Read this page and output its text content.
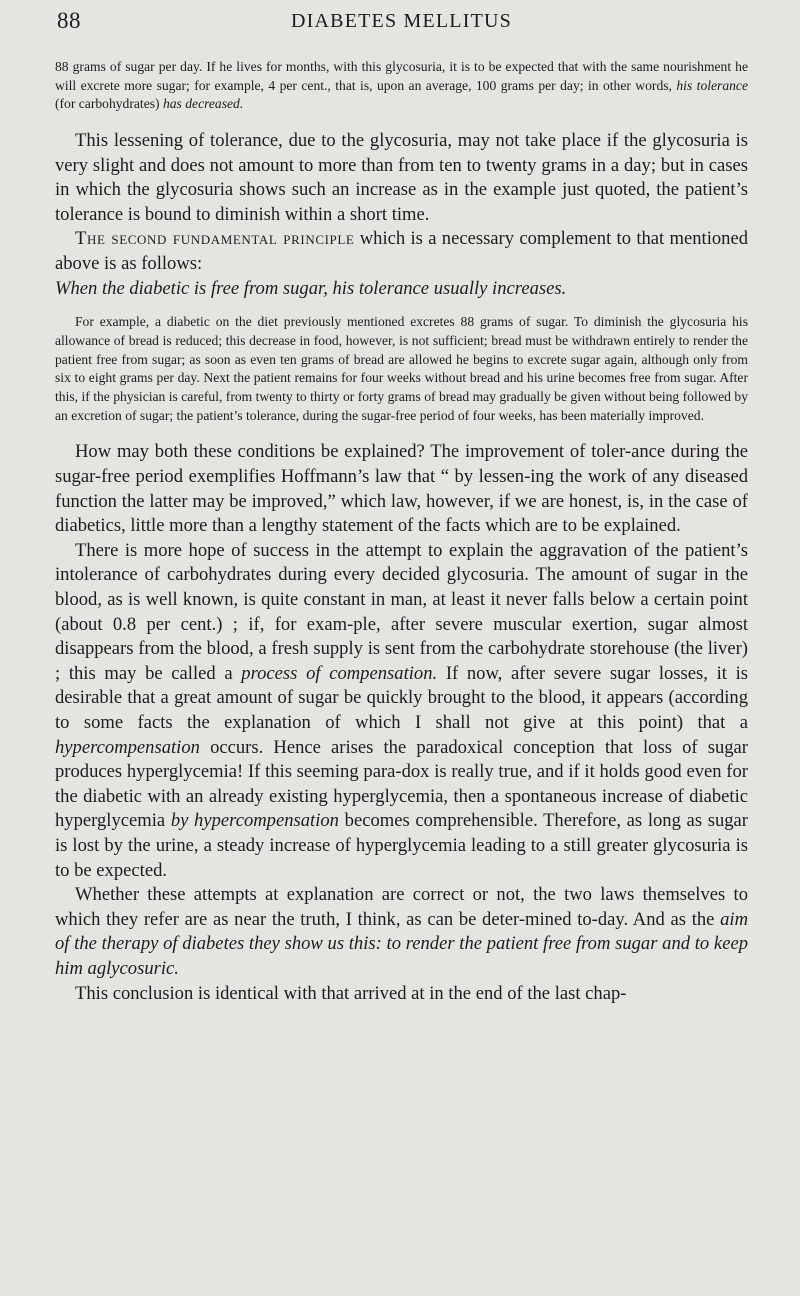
88	DIABETES MELLITUS

88 grams of sugar per day. If he lives for months, with this glycosuria, it is to be expected that with the same nourishment he will excrete more sugar; for example, 4 per cent., that is, upon an average, 100 grams per day; in other words, his tolerance (for carbohydrates) has decreased.

This lessening of tolerance, due to the glycosuria, may not take place if the glycosuria is very slight and does not amount to more than from ten to twenty grams in a day; but in cases in which the glycosuria shows such an increase as in the example just quoted, the patient’s tolerance is bound to diminish within a short time.

The second fundamental principle which is a necessary complement to that mentioned above is as follows:

When the diabetic is free from sugar, his tolerance usually increases.

For example, a diabetic on the diet previously mentioned excretes 88 grams of sugar. To diminish the glycosuria his allowance of bread is reduced; this decrease in food, however, is not sufficient; bread must be withdrawn entirely to render the patient free from sugar; as soon as even ten grams of bread are allowed he begins to excrete sugar again, although only from six to eight grams per day. Next the patient remains for four weeks without bread and his urine becomes free from sugar. After this, if the physician is careful, from twenty to thirty or forty grams of bread may gradually be given without being followed by an excretion of sugar; the patient’s tolerance, during the sugar-free period of four weeks, has been materially improved.

How may both these conditions be explained? The improvement of toler-ance during the sugar-free period exemplifies Hoffmann’s law that “ by lessen-ing the work of any diseased function the latter may be improved,” which law, however, if we are honest, is, in the case of diabetics, little more than a lengthy statement of the facts which are to be explained.

There is more hope of success in the attempt to explain the aggravation of the patient’s intolerance of carbohydrates during every decided glycosuria. The amount of sugar in the blood, as is well known, is quite constant in man, at least it never falls below a certain point (about 0.8 per cent.) ; if, for exam-ple, after severe muscular exertion, sugar almost disappears from the blood, a fresh supply is sent from the carbohydrate storehouse (the liver) ; this may be called a process of compensation. If now, after severe sugar losses, it is desirable that a great amount of sugar be quickly brought to the blood, it appears (according to some facts the explanation of which I shall not give at this point) that a hypercompensation occurs. Hence arises the paradoxical conception that loss of sugar produces hyperglycemia! If this seeming para-dox is really true, and if it holds good even for the diabetic with an already existing hyperglycemia, then a spontaneous increase of diabetic hyperglycemia by hypercompensation becomes comprehensible. Therefore, as long as sugar is lost by the urine, a steady increase of hyperglycemia leading to a still greater glycosuria is to be expected.

Whether these attempts at explanation are correct or not, the two laws themselves to which they refer are as near the truth, I think, as can be deter-mined to-day. And as the aim of the therapy of diabetes they show us this: to render the patient free from sugar and to keep him aglycosuric.

This conclusion is identical with that arrived at in the end of the last chap-
